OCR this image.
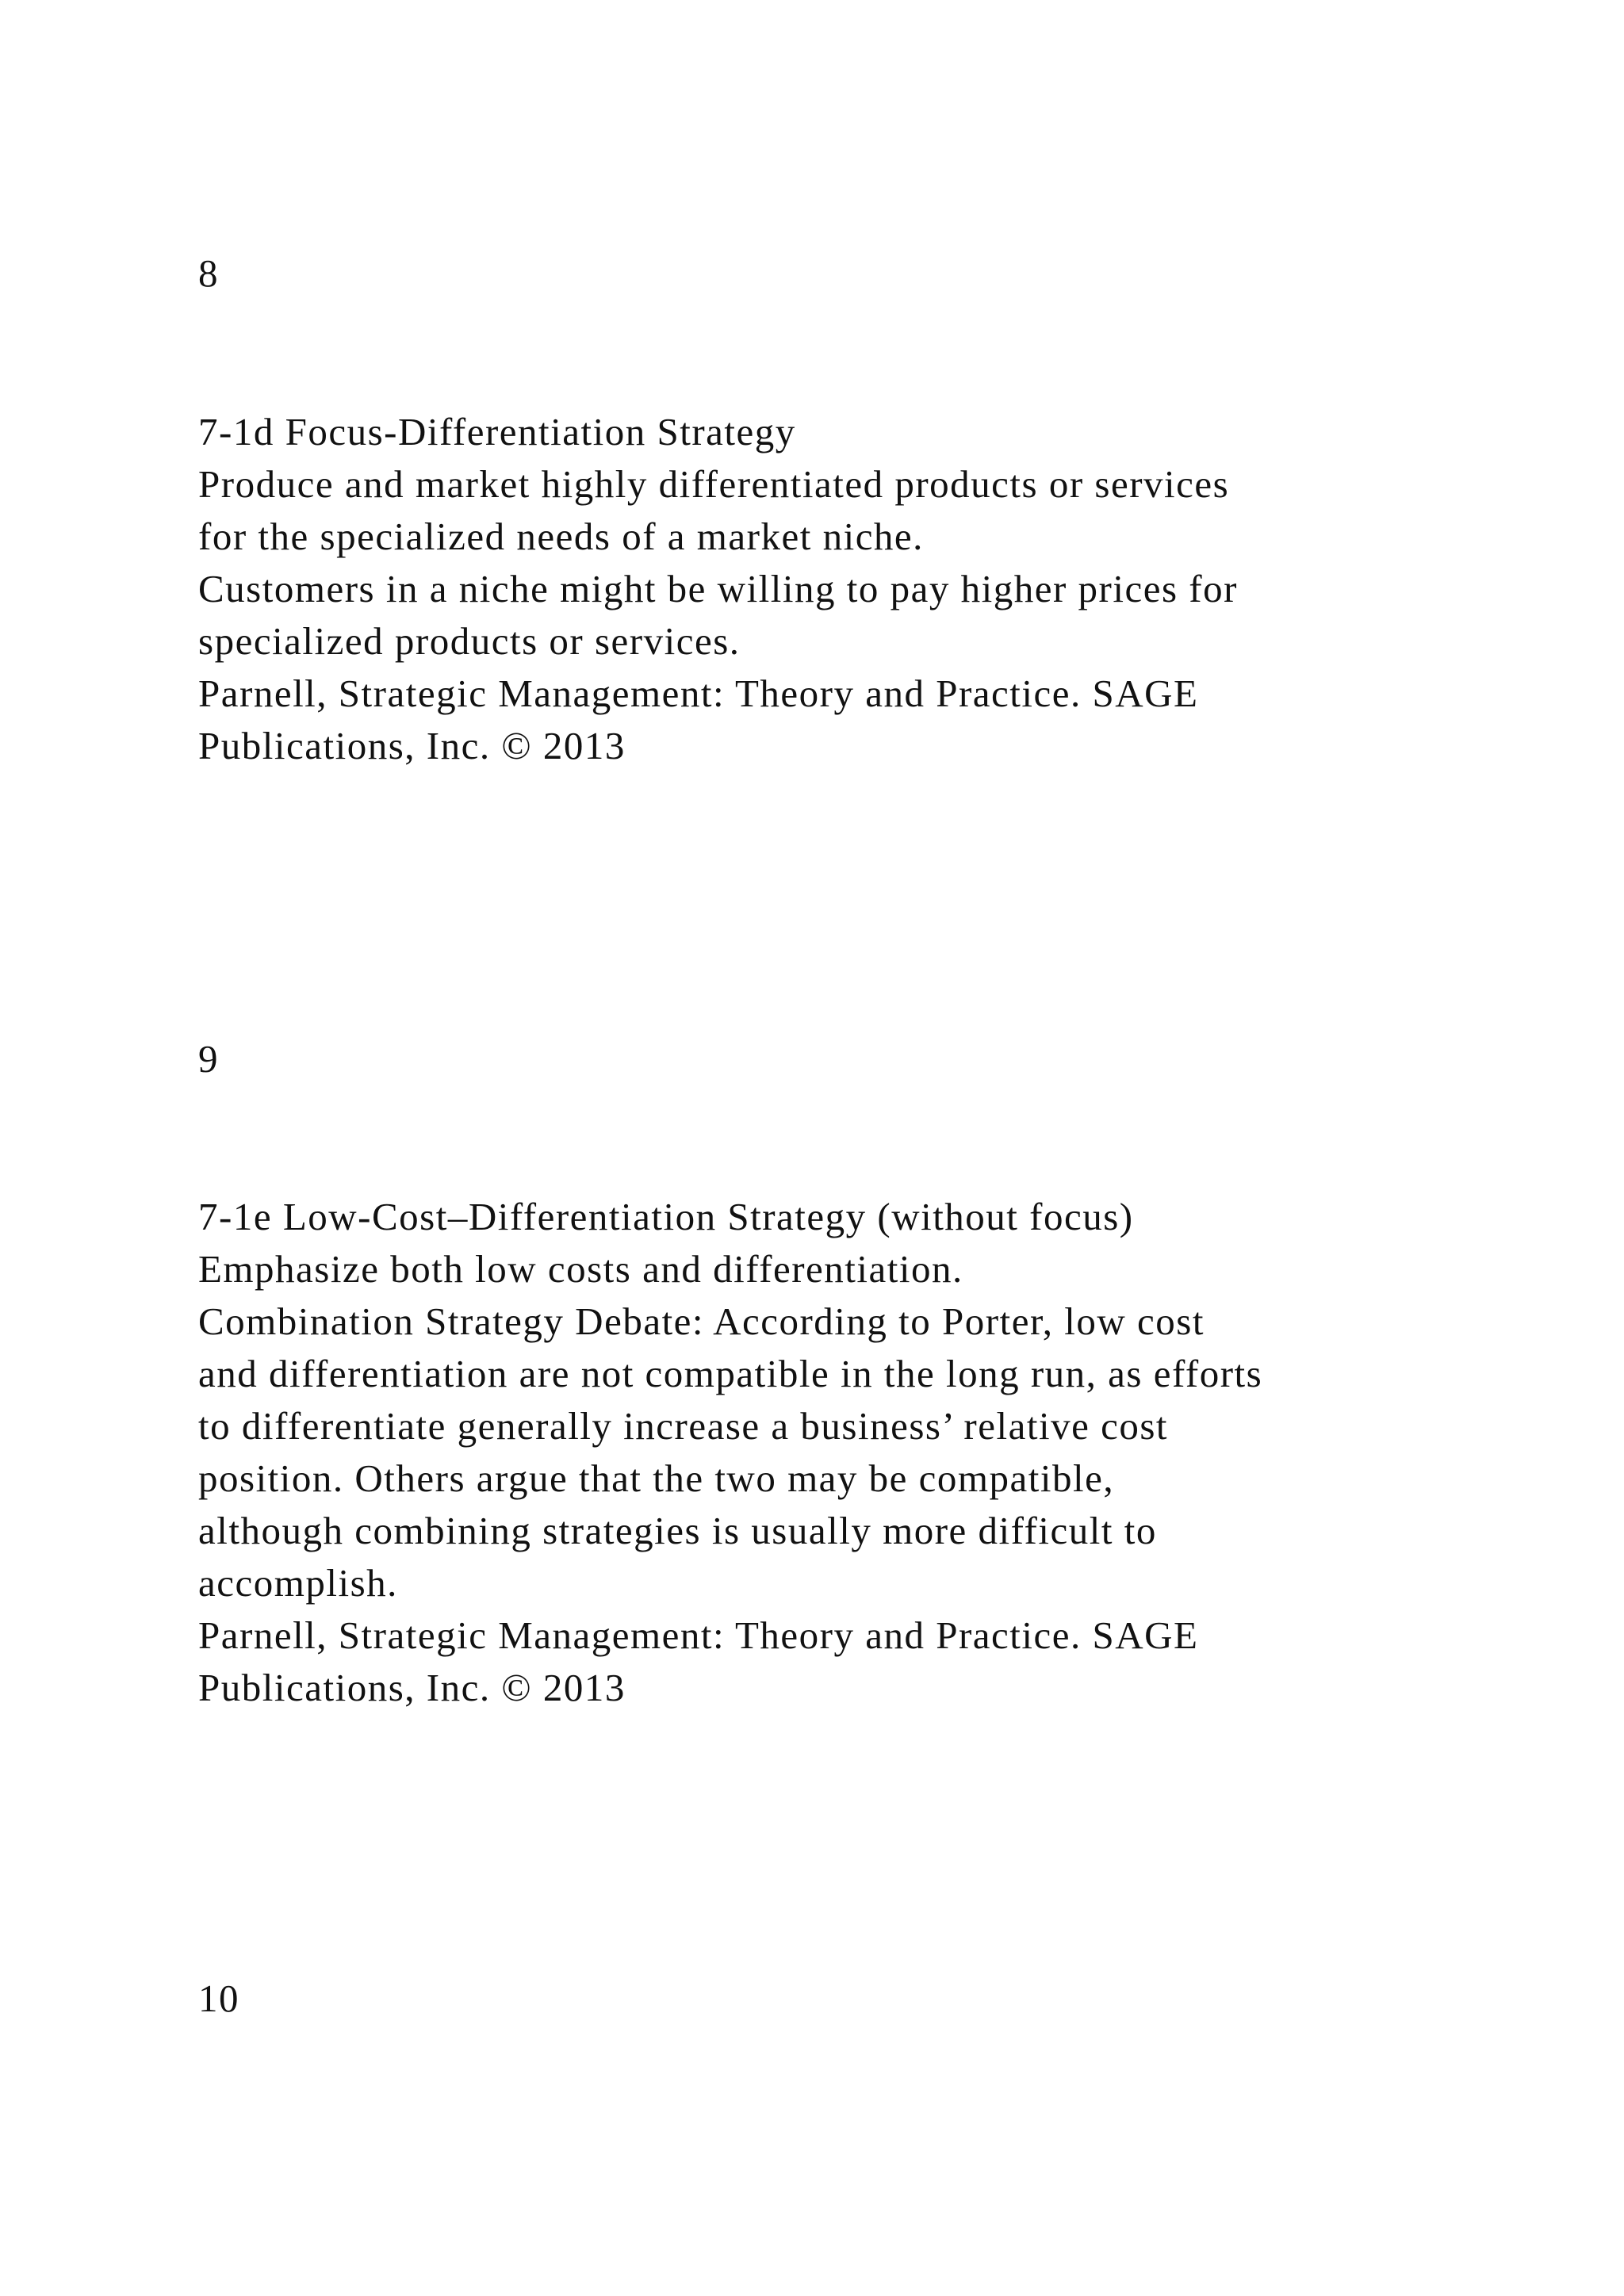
8

7-1d Focus-Differentiation Strategy
Produce and market highly differentiated products or services
for the specialized needs of a market niche.
Customers in a niche might be willing to pay higher prices for
specialized products or services.
Parnell, Strategic Management: Theory and Practice. SAGE
Publications, Inc. © 2013

9

7-1e Low-Cost–Differentiation Strategy (without focus)
Emphasize both low costs and differentiation.
Combination Strategy Debate: According to Porter, low cost
and differentiation are not compatible in the long run, as efforts
to differentiate generally increase a business’ relative cost
position. Others argue that the two may be compatible,
although combining strategies is usually more difficult to
accomplish.
Parnell, Strategic Management: Theory and Practice. SAGE
Publications, Inc. © 2013

10
